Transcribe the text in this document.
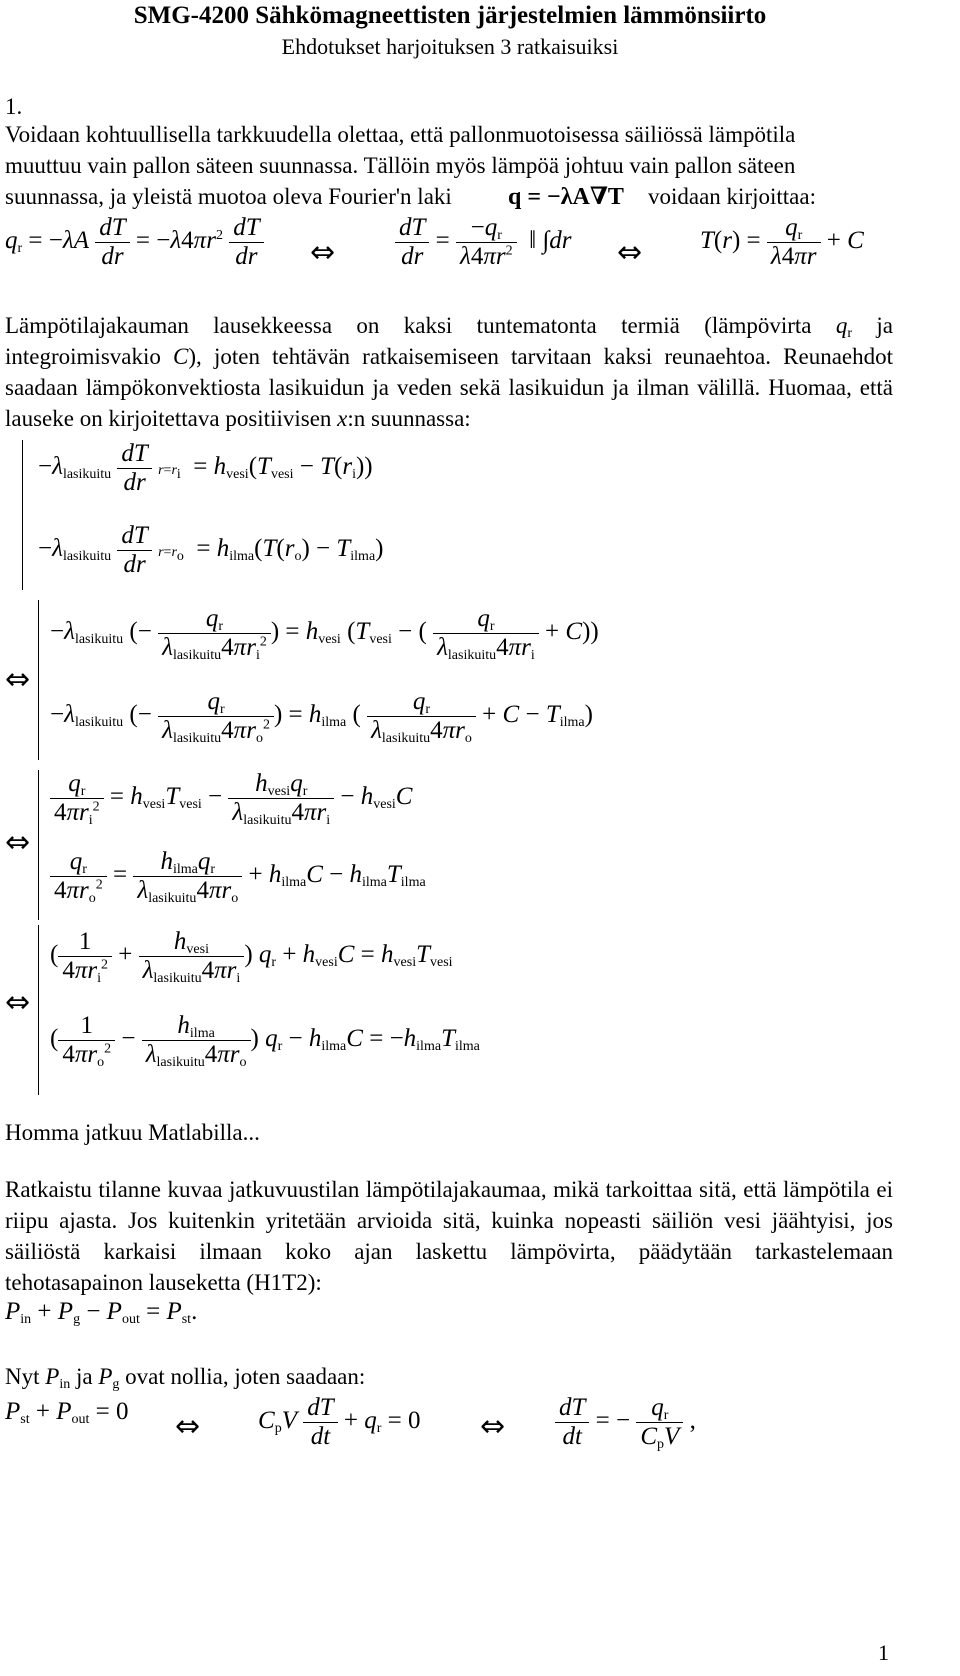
SMG-4200 Sähkömagneettisten järjestelmien lämmönsiirto
Ehdotukset harjoituksen 3 ratkaisuiksi
1.
Voidaan kohtuullisella tarkkuudella olettaa, että pallonmuotoisessa säiliössä lämpötila
muuttuu vain pallon säteen suunnassa. Tällöin myös lämpöä johtuu vain pallon säteen
suunnassa, ja yleistä muotoa oleva Fourier'n laki q = −λA∇T voidaan kirjoittaa:
$q_r = -\lambda A \frac{dT}{dr} = -\lambda 4\pi r^2 \frac{dT}{dr}$ ⇔ $\frac{dT}{dr} = \frac{-q_r}{\lambda 4\pi r^2}$ ‖ ∫dr ⇔ $T(r) = \frac{q_r}{\lambda 4\pi r} + C$
Lämpötilajakauman lausekkeessa on kaksi tuntematonta termiä (lämpövirta $q_r$ ja integroimisvakio C), joten tehtävän ratkaisemiseen tarvitaan kaksi reunaehtoa. Reunaehdot saadaan lämpökonvektiosta lasikuidun ja veden sekä lasikuidun ja ilman välillä. Huomaa, että lauseke on kirjoitettava positiivisen x:n suunnassa:
$-\lambda_{lasikuitu} \frac{dT}{dr} r=r_i = h_{vesi}(T_{vesi} - T(r_i))$
$-\lambda_{lasikuitu} \frac{dT}{dr} r=r_o = h_{ilma}(T(r_o) - T_{ilma})$
⇔
$-\lambda_{lasikuitu}$ (− $\frac{q_r}{\lambda_{lasikuitu}4\pi r_i^2}$ ) = $h_{vesi}$ ($T_{vesi}$ − ( $\frac{q_r}{\lambda_{lasikuitu}4\pi r_i} + C$))
$-\lambda_{lasikuitu}$ (− $\frac{q_r}{\lambda_{lasikuitu}4\pi r_o^2}$ ) = $h_{ilma}$ ( $\frac{q_r}{\lambda_{lasikuitu}4\pi r_o} + C - T_{ilma}$)
⇔
$\frac{q_r}{4\pi r_i^2} = h_{vesi}T_{vesi} - \frac{h_{vesi}q_r}{\lambda_{lasikuitu}4\pi r_i} - h_{vesi}C$
$\frac{q_r}{4\pi r_o^2} = \frac{h_{ilma}q_r}{\lambda_{lasikuitu}4\pi r_o} + h_{ilma}C - h_{ilma}T_{ilma}$
⇔
( $\frac{1}{4\pi r_i^2} + \frac{h_{vesi}}{\lambda_{lasikuitu}4\pi r_i}$ ) $q_r + h_{vesi}C = h_{vesi}T_{vesi}$
( $\frac{1}{4\pi r_o^2} - \frac{h_{ilma}}{\lambda_{lasikuitu}4\pi r_o}$ ) $q_r - h_{ilma}C = -h_{ilma}T_{ilma}$
Homma jatkuu Matlabilla...
Ratkaistu tilanne kuvaa jatkuvuustilan lämpötilajakaumaa, mikä tarkoittaa sitä, että lämpötila ei riipu ajasta. Jos kuitenkin yritetään arvioida sitä, kuinka nopeasti säiliön vesi jäähtyisi, jos säiliöstä karkaisi ilmaan koko ajan laskettu lämpövirta, päädytään tarkastelemaan tehotasapainon lauseketta (H1T2):
$P_{in} + P_g - P_{out} = P_{st}$.
Nyt $P_{in}$ ja $P_g$ ovat nollia, joten saadaan:
$P_{st} + P_{out} = 0$ ⇔ $C_pV \frac{dT}{dt} + q_r = 0$ ⇔ $\frac{dT}{dt}$ = − $\frac{q_r}{C_pV}$ ,
1
